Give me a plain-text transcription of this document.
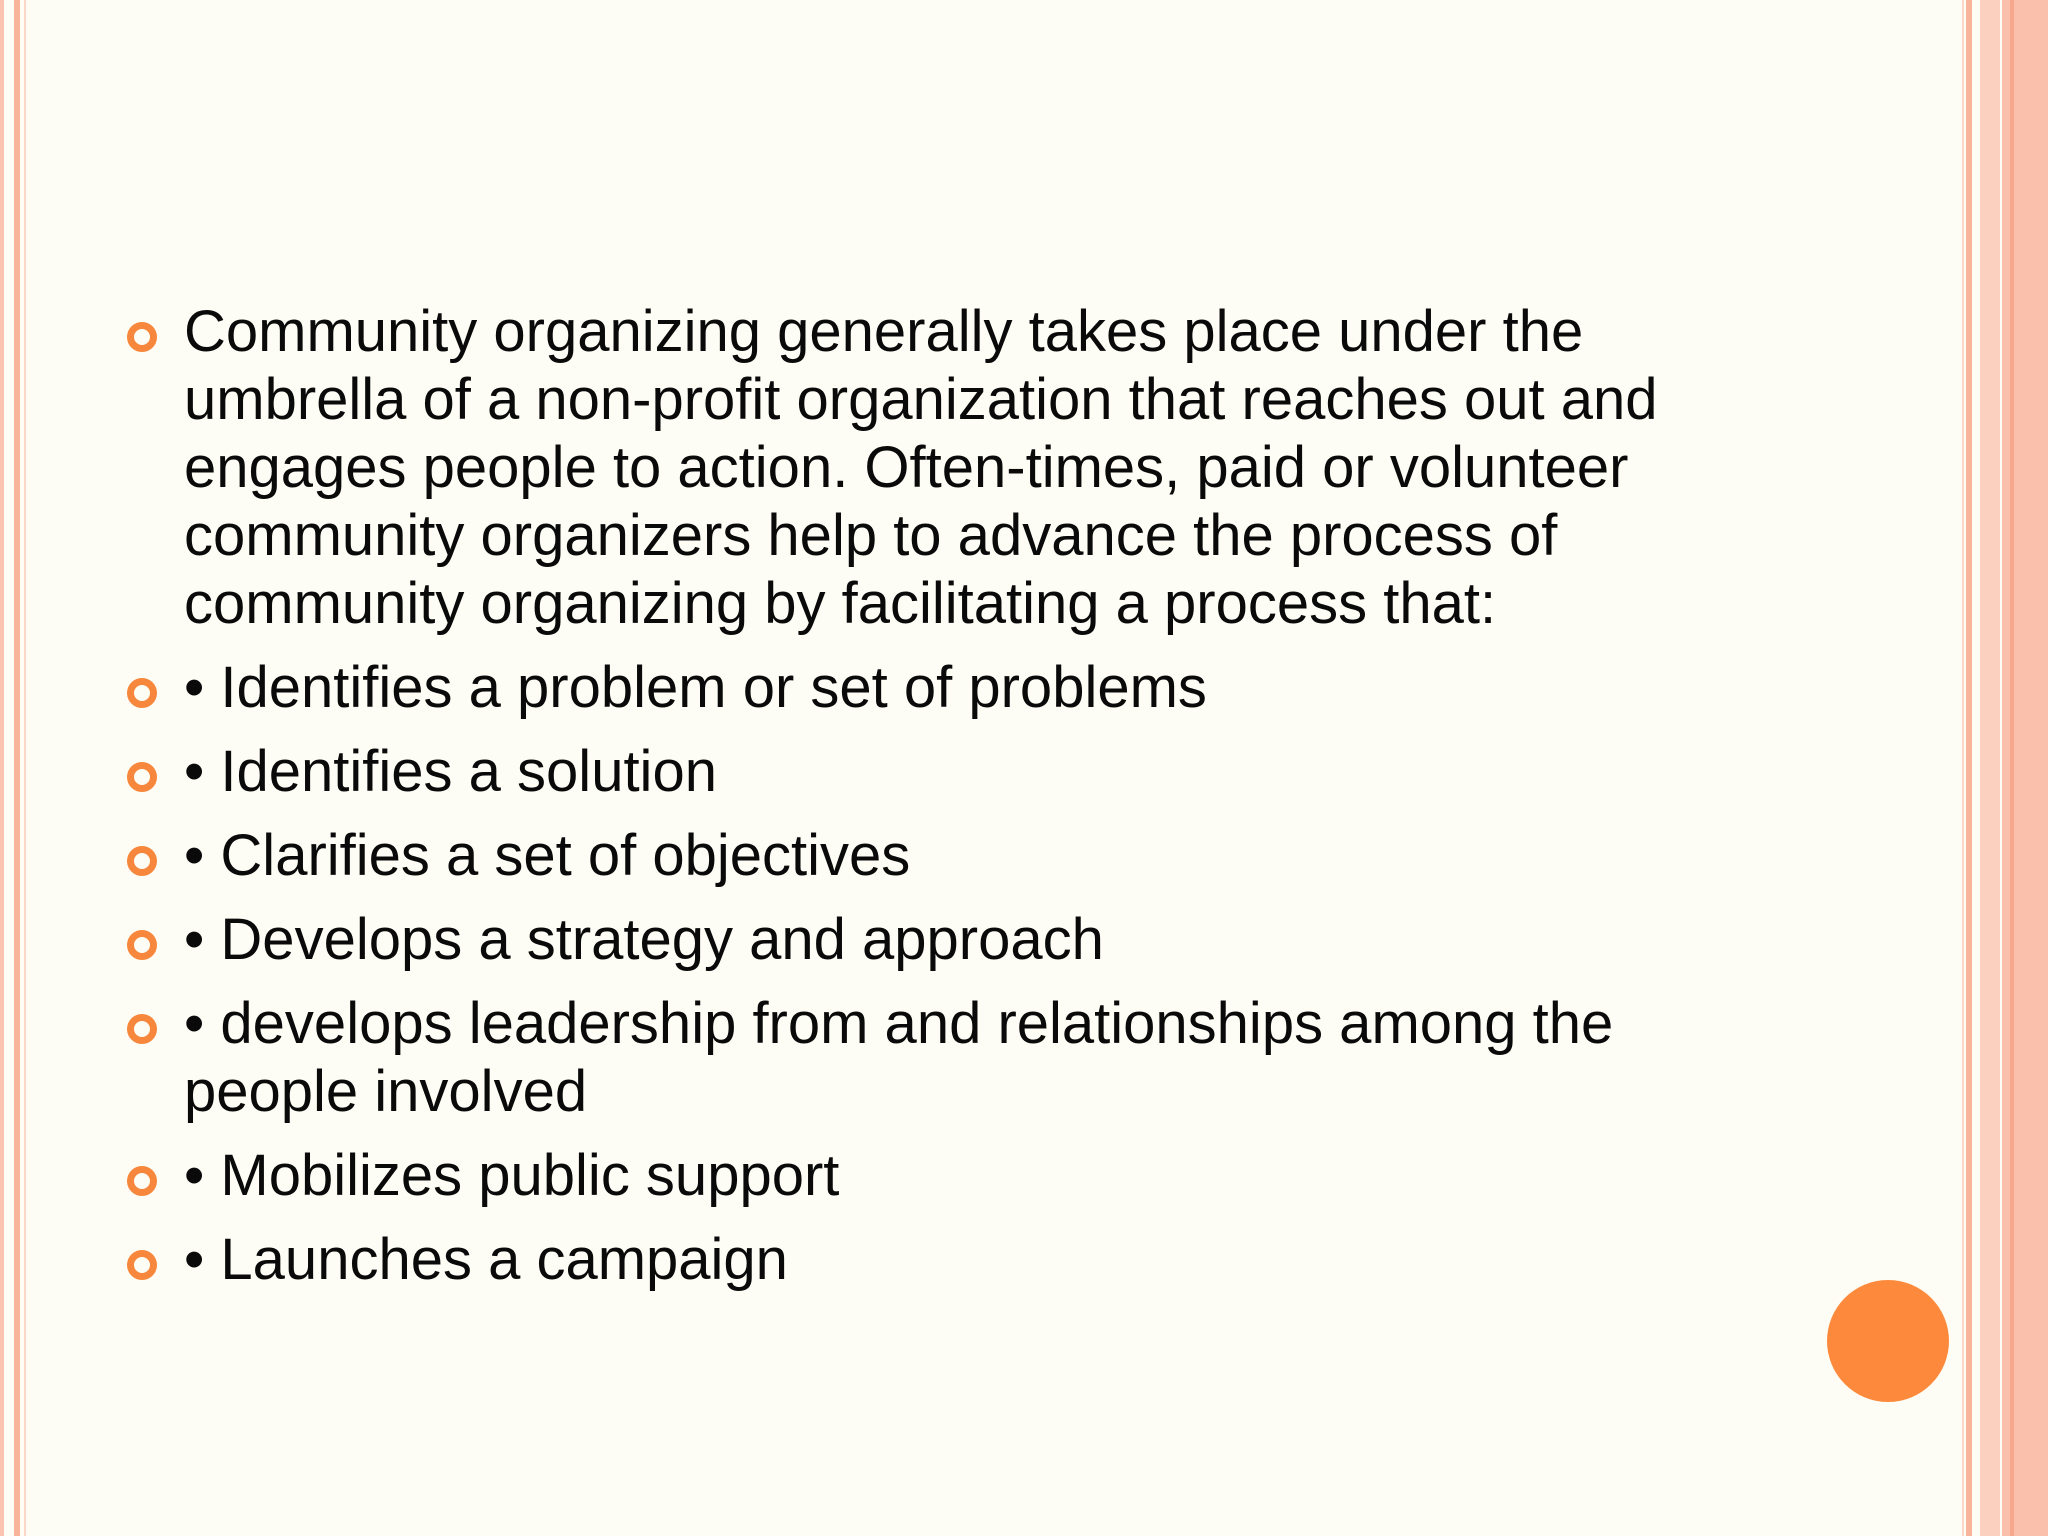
Community organizing generally takes place under the umbrella of a non-profit organization that reaches out and engages people to action. Often-times, paid or volunteer community organizers help to advance the process of community organizing by facilitating a process that:
• Identifies a problem or set of problems
• Identifies a solution
• Clarifies a set of objectives
• Develops a strategy and approach
• develops leadership from and relationships among the people involved
• Mobilizes public support
• Launches a campaign
